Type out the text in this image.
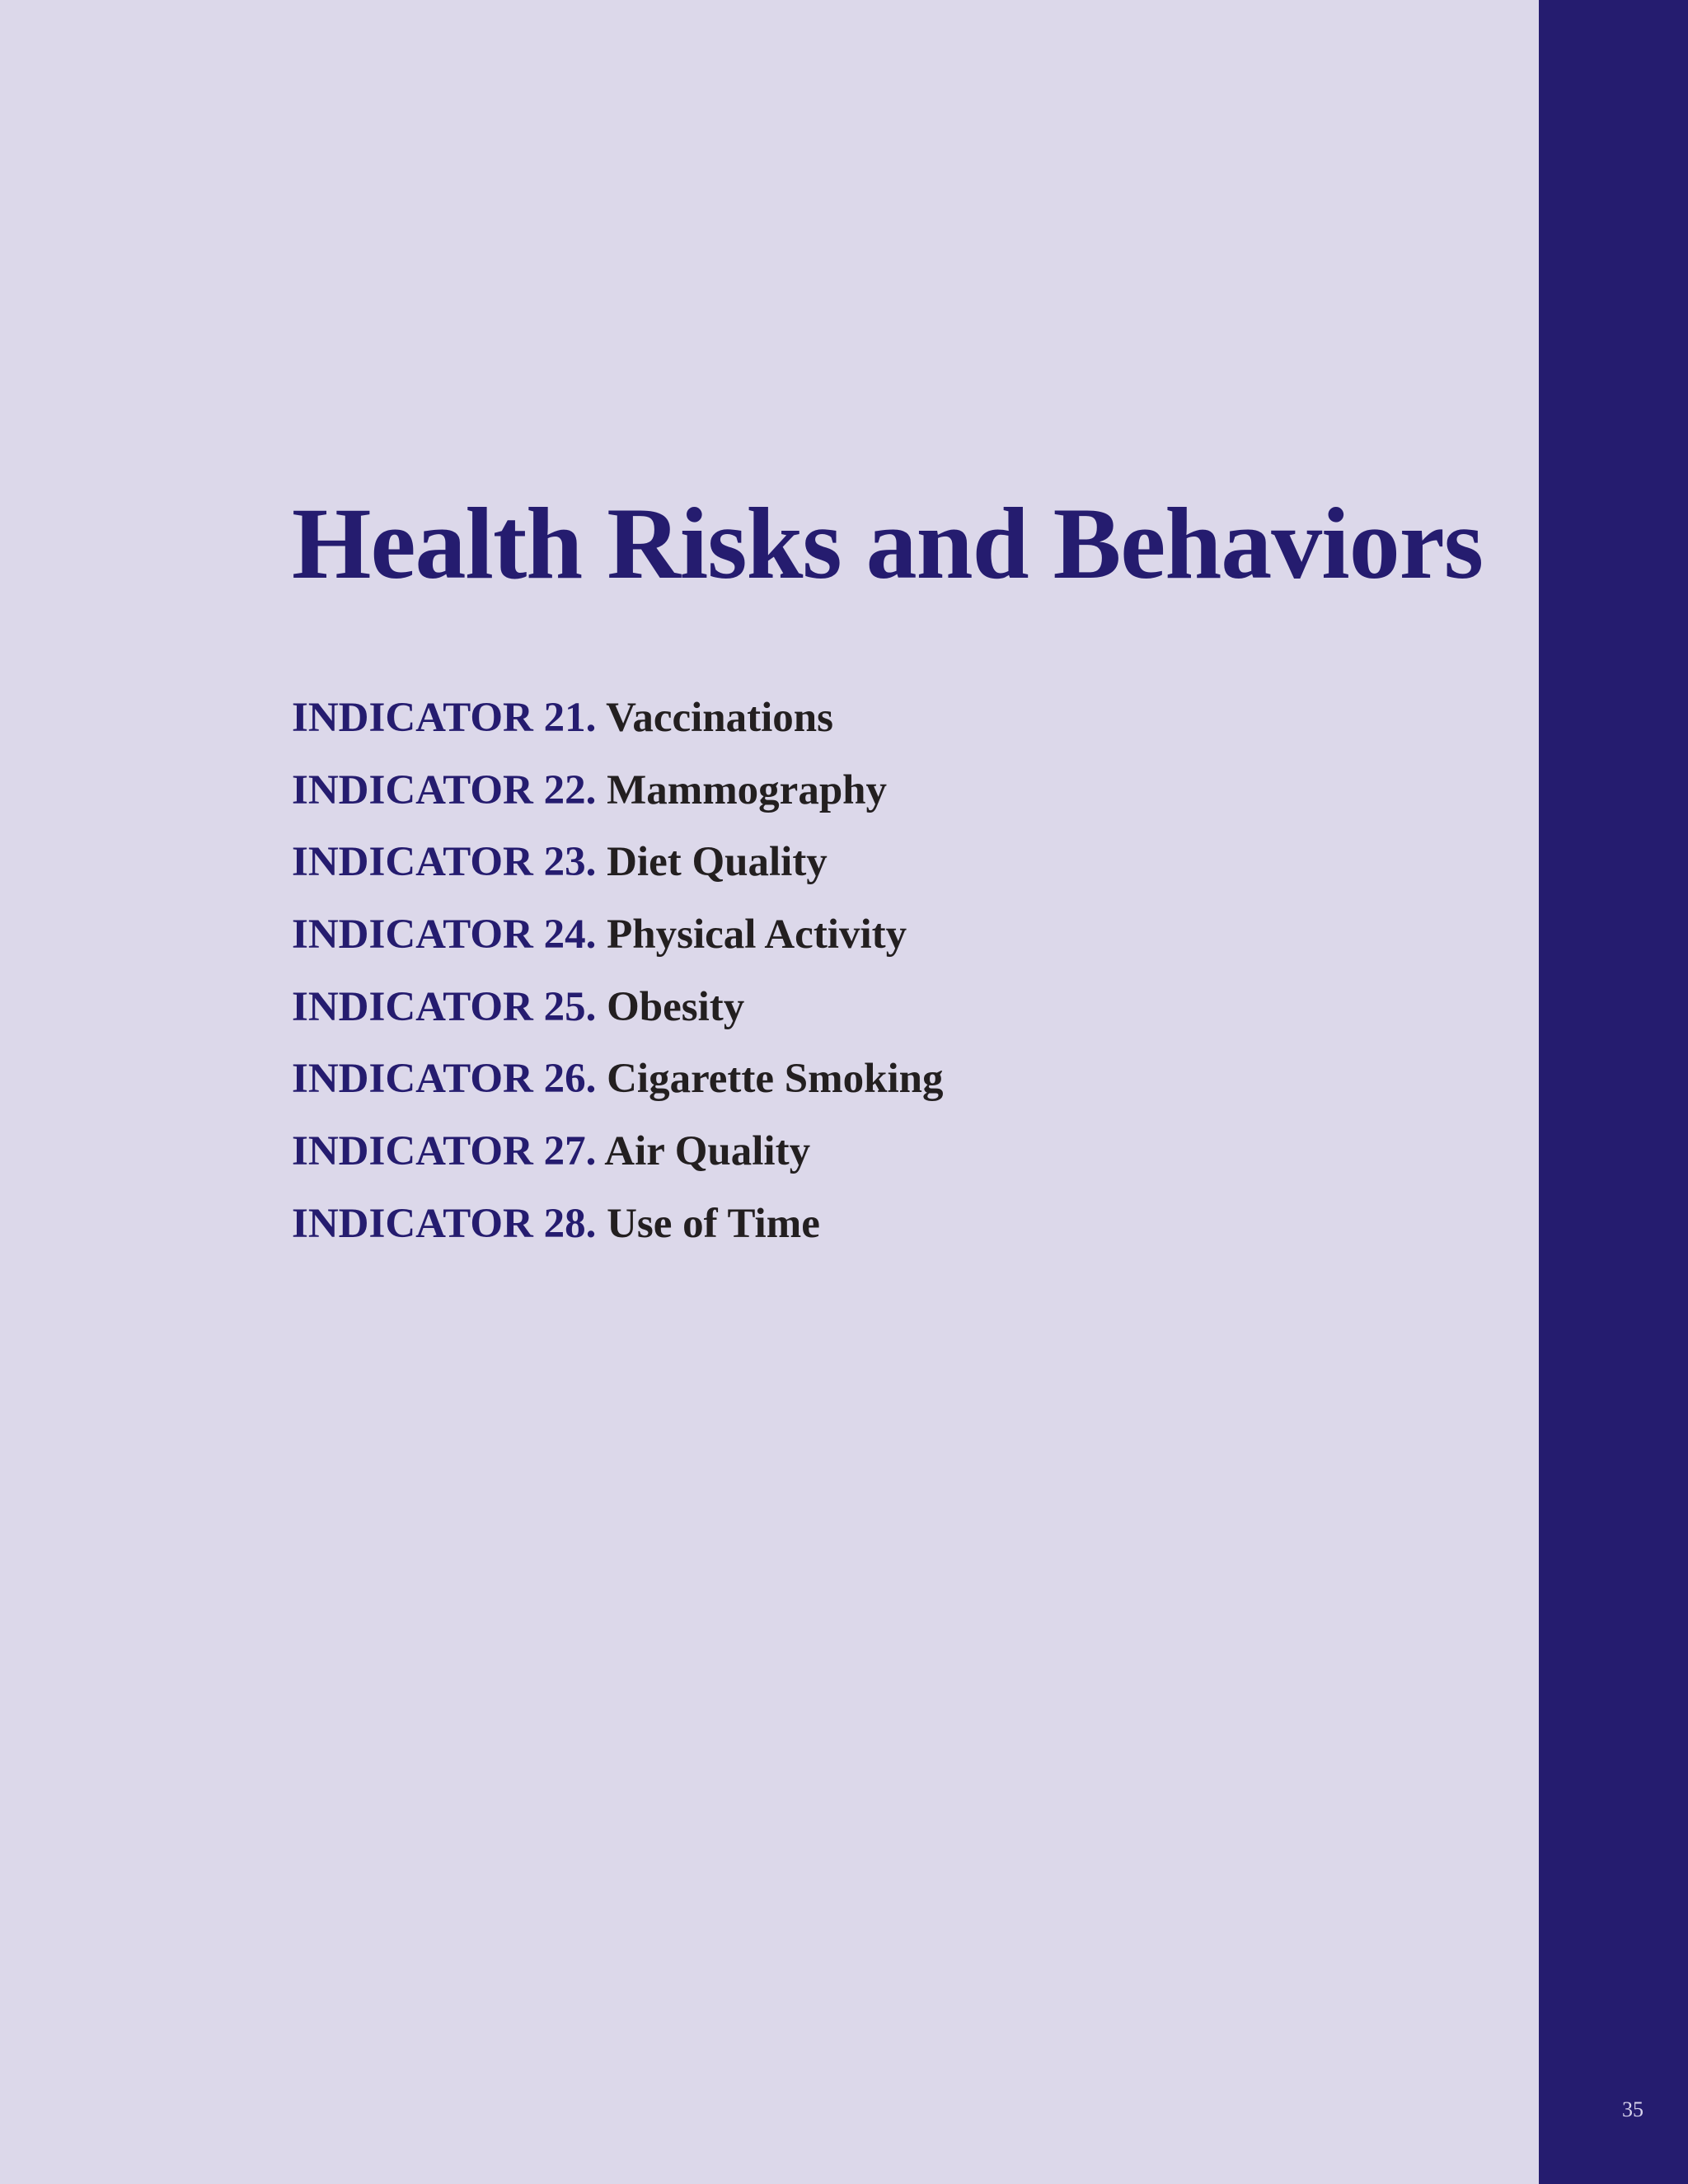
Health Risks and Behaviors
INDICATOR 21. Vaccinations
INDICATOR 22. Mammography
INDICATOR 23. Diet Quality
INDICATOR 24. Physical Activity
INDICATOR 25. Obesity
INDICATOR 26. Cigarette Smoking
INDICATOR 27. Air Quality
INDICATOR 28. Use of Time
35
